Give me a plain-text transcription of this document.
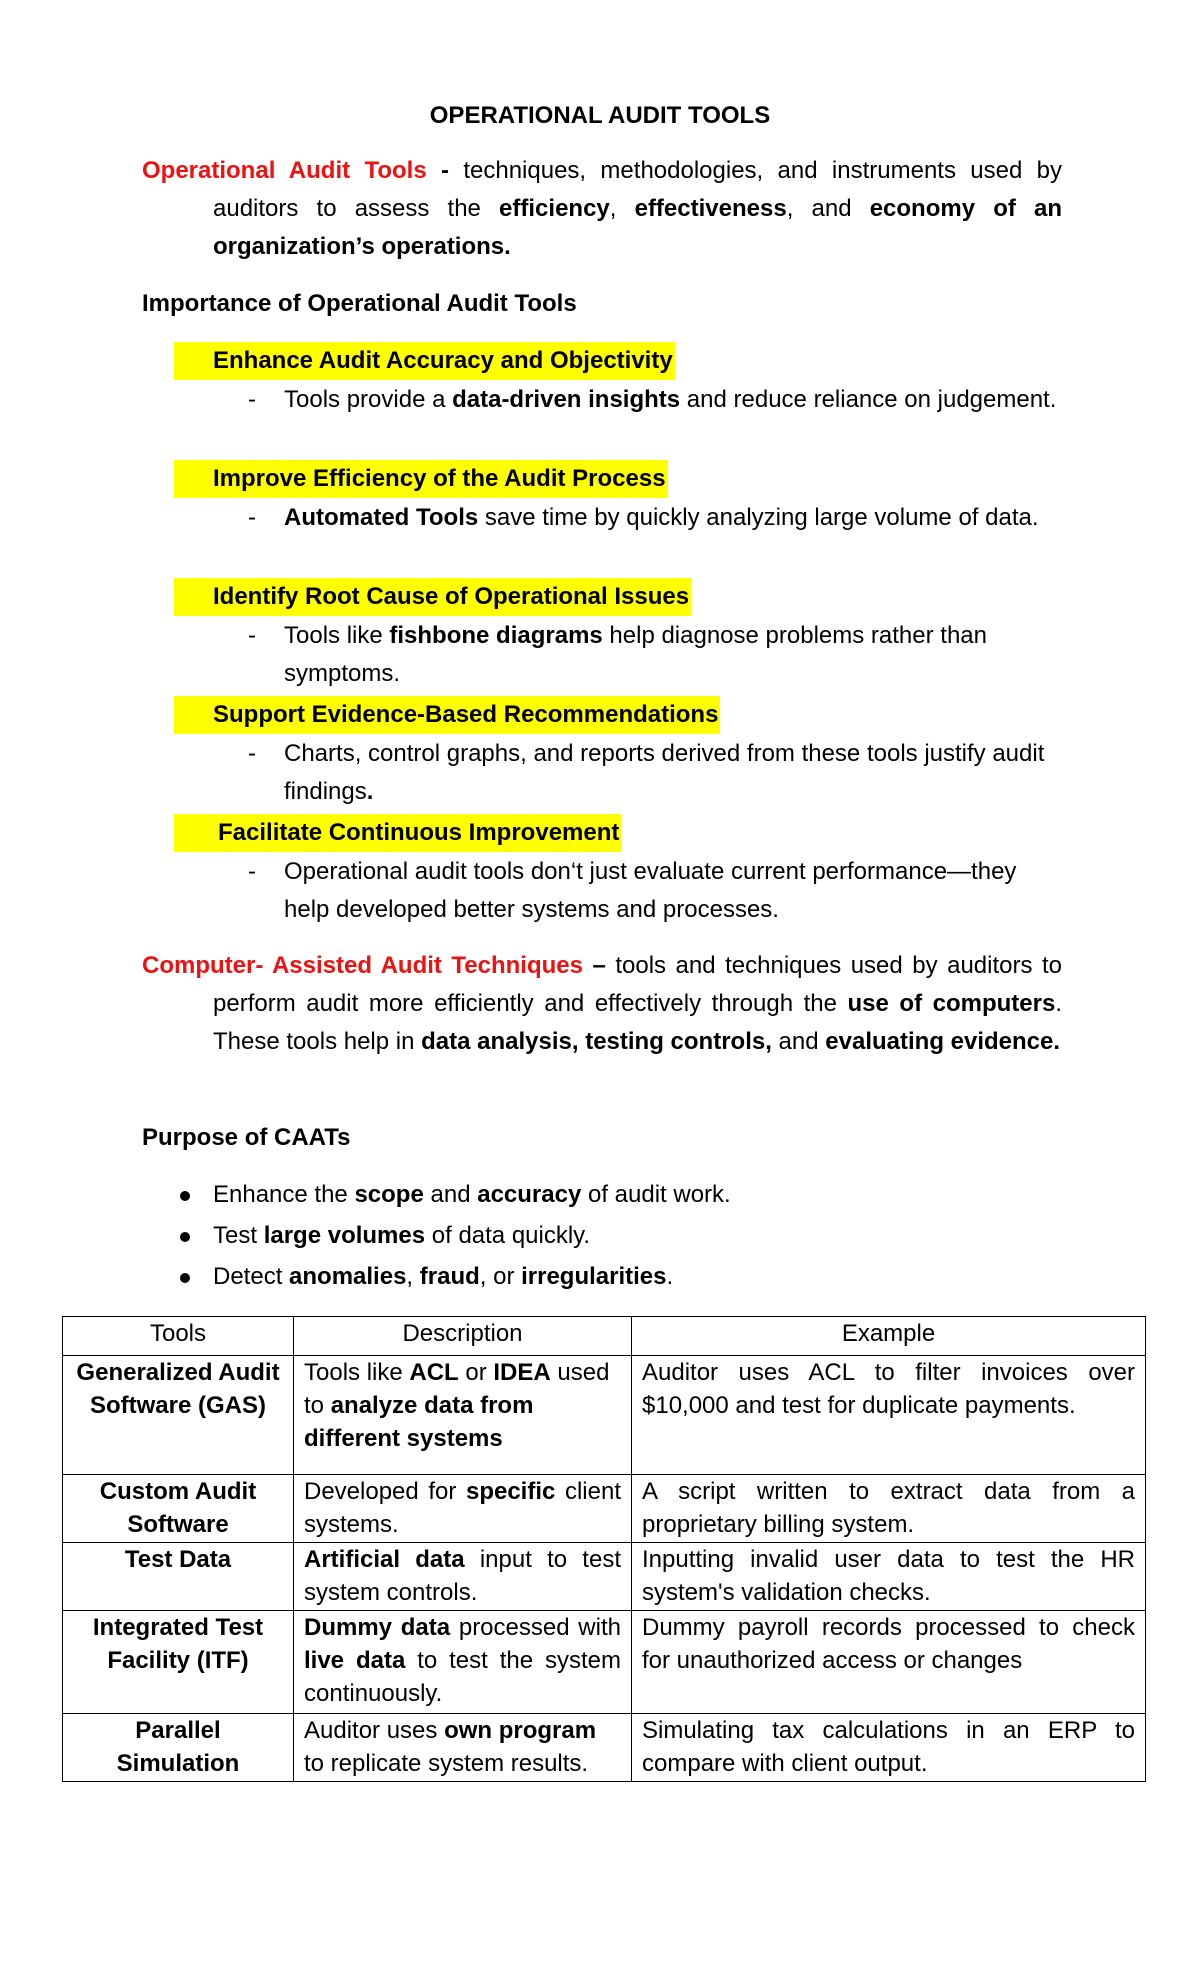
OPERATIONAL AUDIT TOOLS
Operational Audit Tools - techniques, methodologies, and instruments used by auditors to assess the efficiency, effectiveness, and economy of an organization’s operations.
Importance of Operational Audit Tools
Enhance Audit Accuracy and Objectivity
- Tools provide a data-driven insights and reduce reliance on judgement.
Improve Efficiency of the Audit Process
- Automated Tools save time by quickly analyzing large volume of data.
Identify Root Cause of Operational Issues
- Tools like fishbone diagrams help diagnose problems rather than symptoms.
Support Evidence-Based Recommendations
- Charts, control graphs, and reports derived from these tools justify audit findings.
Facilitate Continuous Improvement
- Operational audit tools don‘t just evaluate current performance—they help developed better systems and processes.
Computer- Assisted Audit Techniques – tools and techniques used by auditors to perform audit more efficiently and effectively through the use of computers. These tools help in data analysis, testing controls, and evaluating evidence.
Purpose of CAATs
Enhance the scope and accuracy of audit work.
Test large volumes of data quickly.
Detect anomalies, fraud, or irregularities.
Tools	Description	Example
Generalized Audit Software (GAS)	Tools like ACL or IDEA used to analyze data from different systems	Auditor uses ACL to filter invoices over $10,000 and test for duplicate payments.
Custom Audit Software	Developed for specific client systems.	A script written to extract data from a proprietary billing system.
Test Data	Artificial data input to test system controls.	Inputting invalid user data to test the HR system's validation checks.
Integrated Test Facility (ITF)	Dummy data processed with live data to test the system continuously.	Dummy payroll records processed to check for unauthorized access or changes
Parallel Simulation	Auditor uses own program to replicate system results.	Simulating tax calculations in an ERP to compare with client output.
